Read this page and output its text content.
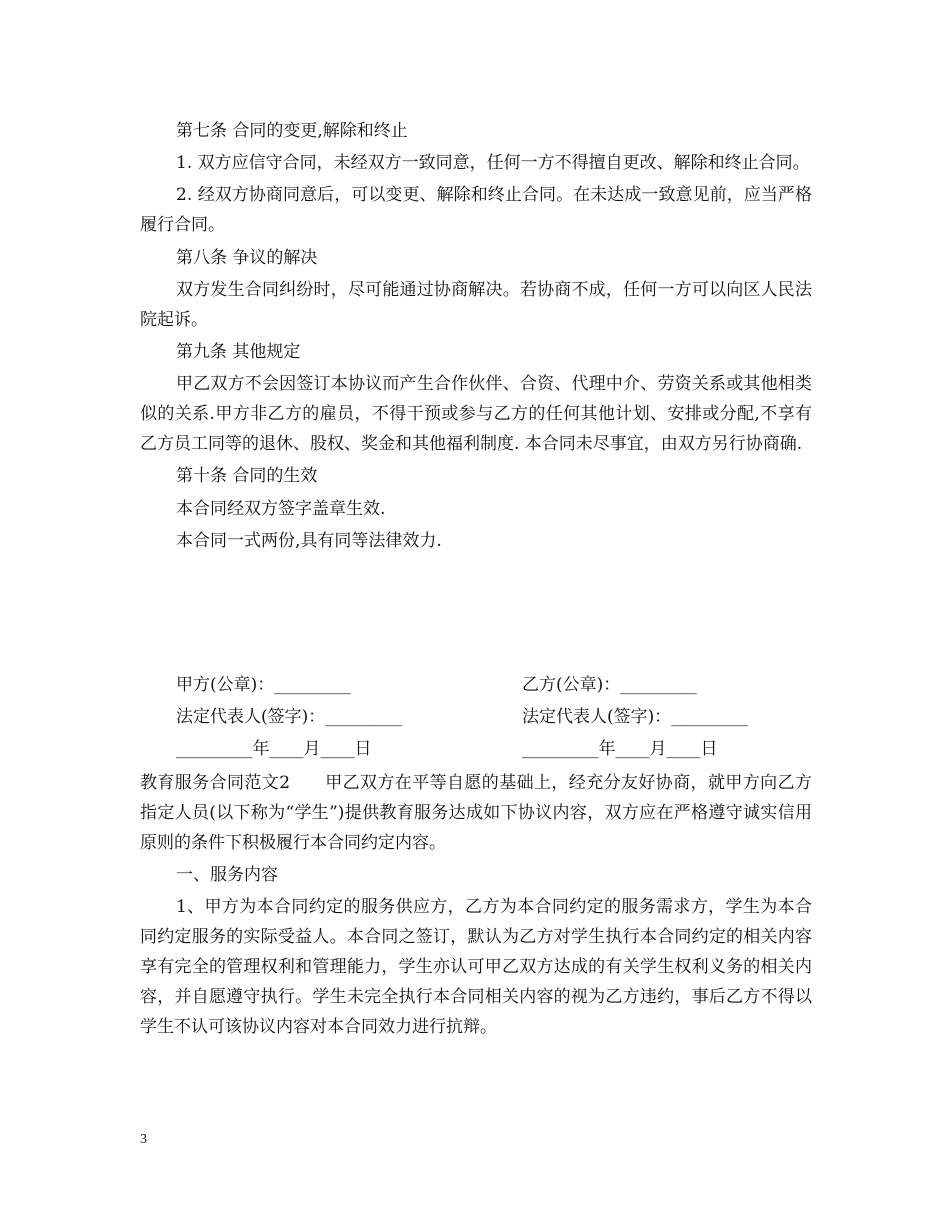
第七条 合同的变更,解除和终止

1. 双方应信守合同，未经双方一致同意，任何一方不得擅自更改、解除和终止合同。

2. 经双方协商同意后，可以变更、解除和终止合同。在未达成一致意见前，应当严格履行合同。

第八条 争议的解决

双方发生合同纠纷时，尽可能通过协商解决。若协商不成，任何一方可以向区人民法院起诉。

第九条 其他规定

甲乙双方不会因签订本协议而产生合作伙伴、合资、代理中介、劳资关系或其他相类似的关系.甲方非乙方的雇员，不得干预或参与乙方的任何其他计划、安排或分配,不享有乙方员工同等的退休、股权、奖金和其他福利制度. 本合同未尽事宜，由双方另行协商确.

第十条 合同的生效

本合同经双方签字盖章生效.

本合同一式两份,具有同等法律效力.

甲方(公章)：_________	乙方(公章)：_________
法定代表人(签字)：_________	法定代表人(签字)：_________
_________年____月____日	_________年____月____日

教育服务合同范文2　　甲乙双方在平等自愿的基础上，经充分友好协商，就甲方向乙方指定人员(以下称为“学生”)提供教育服务达成如下协议内容，双方应在严格遵守诚实信用原则的条件下积极履行本合同约定内容。

一、服务内容

1、甲方为本合同约定的服务供应方，乙方为本合同约定的服务需求方，学生为本合同约定服务的实际受益人。本合同之签订，默认为乙方对学生执行本合同约定的相关内容享有完全的管理权利和管理能力，学生亦认可甲乙双方达成的有关学生权利义务的相关内容，并自愿遵守执行。学生未完全执行本合同相关内容的视为乙方违约，事后乙方不得以学生不认可该协议内容对本合同效力进行抗辩。

3
